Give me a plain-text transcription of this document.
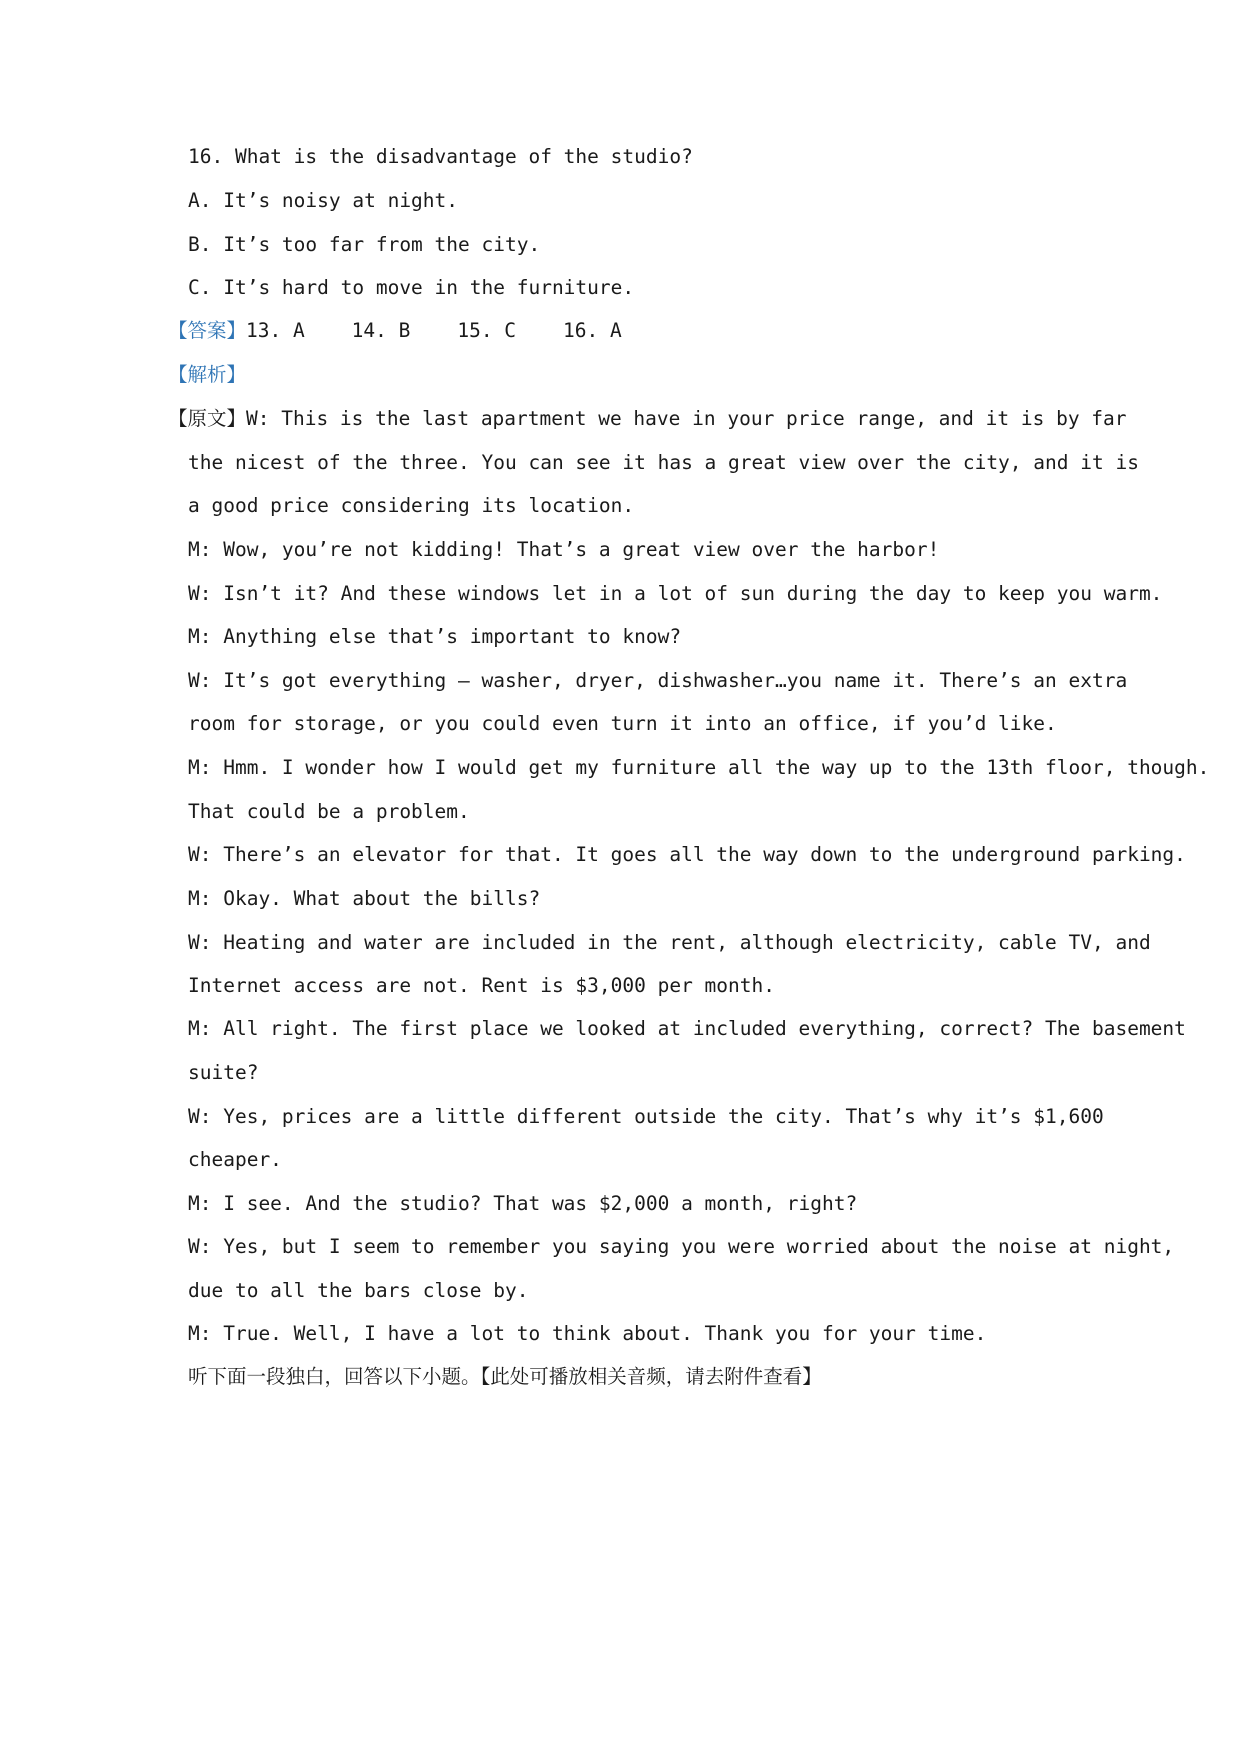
16. What is the disadvantage of the studio?
A. It’s noisy at night.
B. It’s too far from the city.
C. It’s hard to move in the furniture.
【答案】13. A    14. B    15. C    16. A
【解析】
【原文】W: This is the last apartment we have in your price range, and it is by far
the nicest of the three. You can see it has a great view over the city, and it is
a good price considering its location.
M: Wow, you’re not kidding! That’s a great view over the harbor!
W: Isn’t it? And these windows let in a lot of sun during the day to keep you warm.
M: Anything else that’s important to know?
W: It’s got everything — washer, dryer, dishwasher…you name it. There’s an extra
room for storage, or you could even turn it into an office, if you’d like.
M: Hmm. I wonder how I would get my furniture all the way up to the 13th floor, though.
That could be a problem.
W: There’s an elevator for that. It goes all the way down to the underground parking.
M: Okay. What about the bills?
W: Heating and water are included in the rent, although electricity, cable TV, and
Internet access are not. Rent is $3,000 per month.
M: All right. The first place we looked at included everything, correct? The basement
suite?
W: Yes, prices are a little different outside the city. That’s why it’s $1,600
cheaper.
M: I see. And the studio? That was $2,000 a month, right?
W: Yes, but I seem to remember you saying you were worried about the noise at night,
due to all the bars close by.
M: True. Well, I have a lot to think about. Thank you for your time.
听下面一段独白，回答以下小题。【此处可播放相关音频，请去附件查看】
